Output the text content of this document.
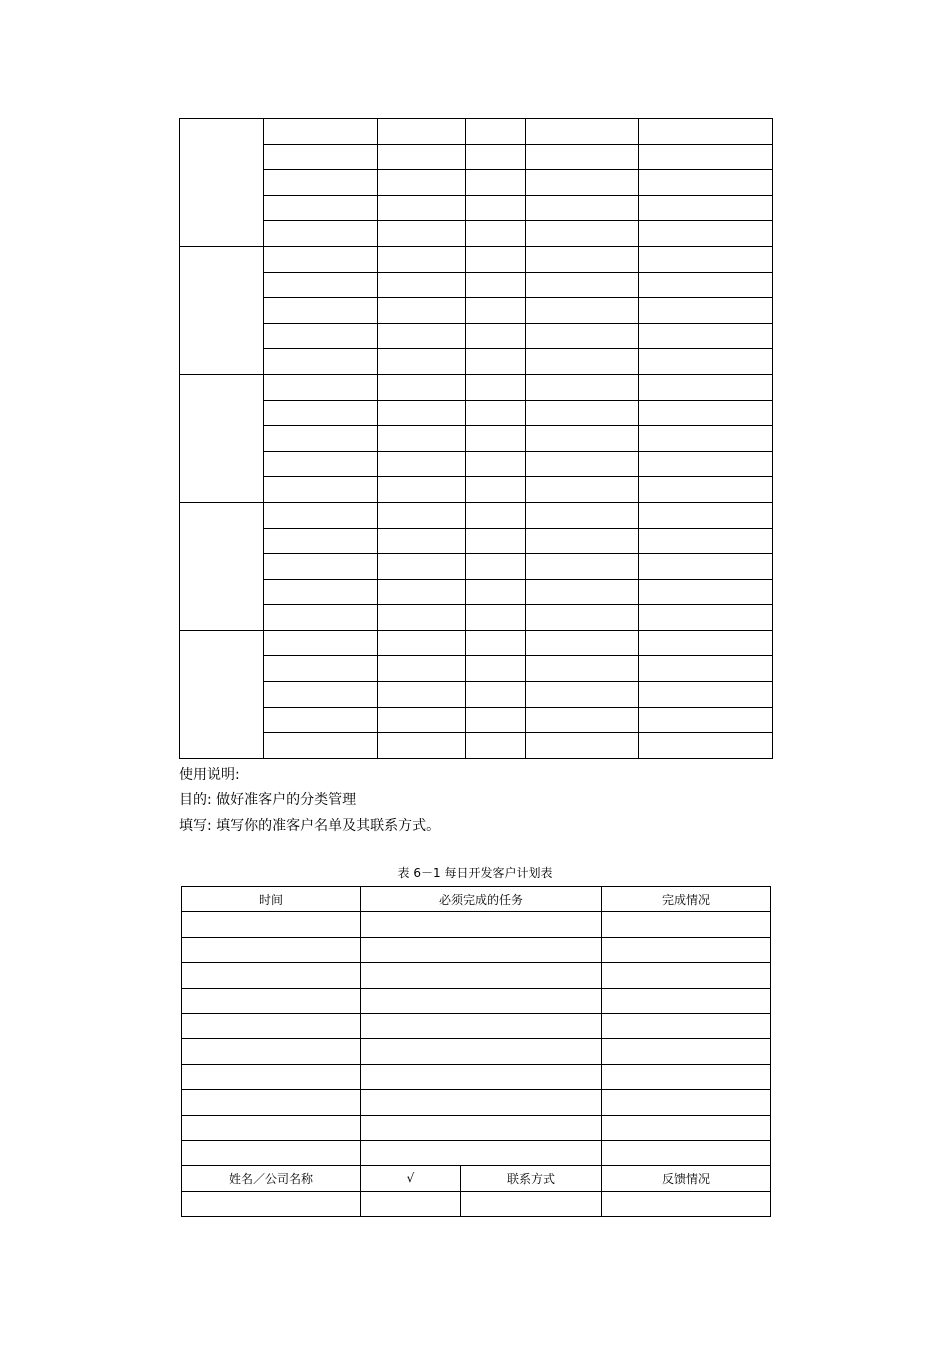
使用说明:

目的: 做好准客户的分类管理

填写: 填写你的准客户名单及其联系方式。

表 6－1 每日开发客户计划表
时间	必须完成的任务		完成情况

姓名／公司名称	√	联系方式	反馈情况
